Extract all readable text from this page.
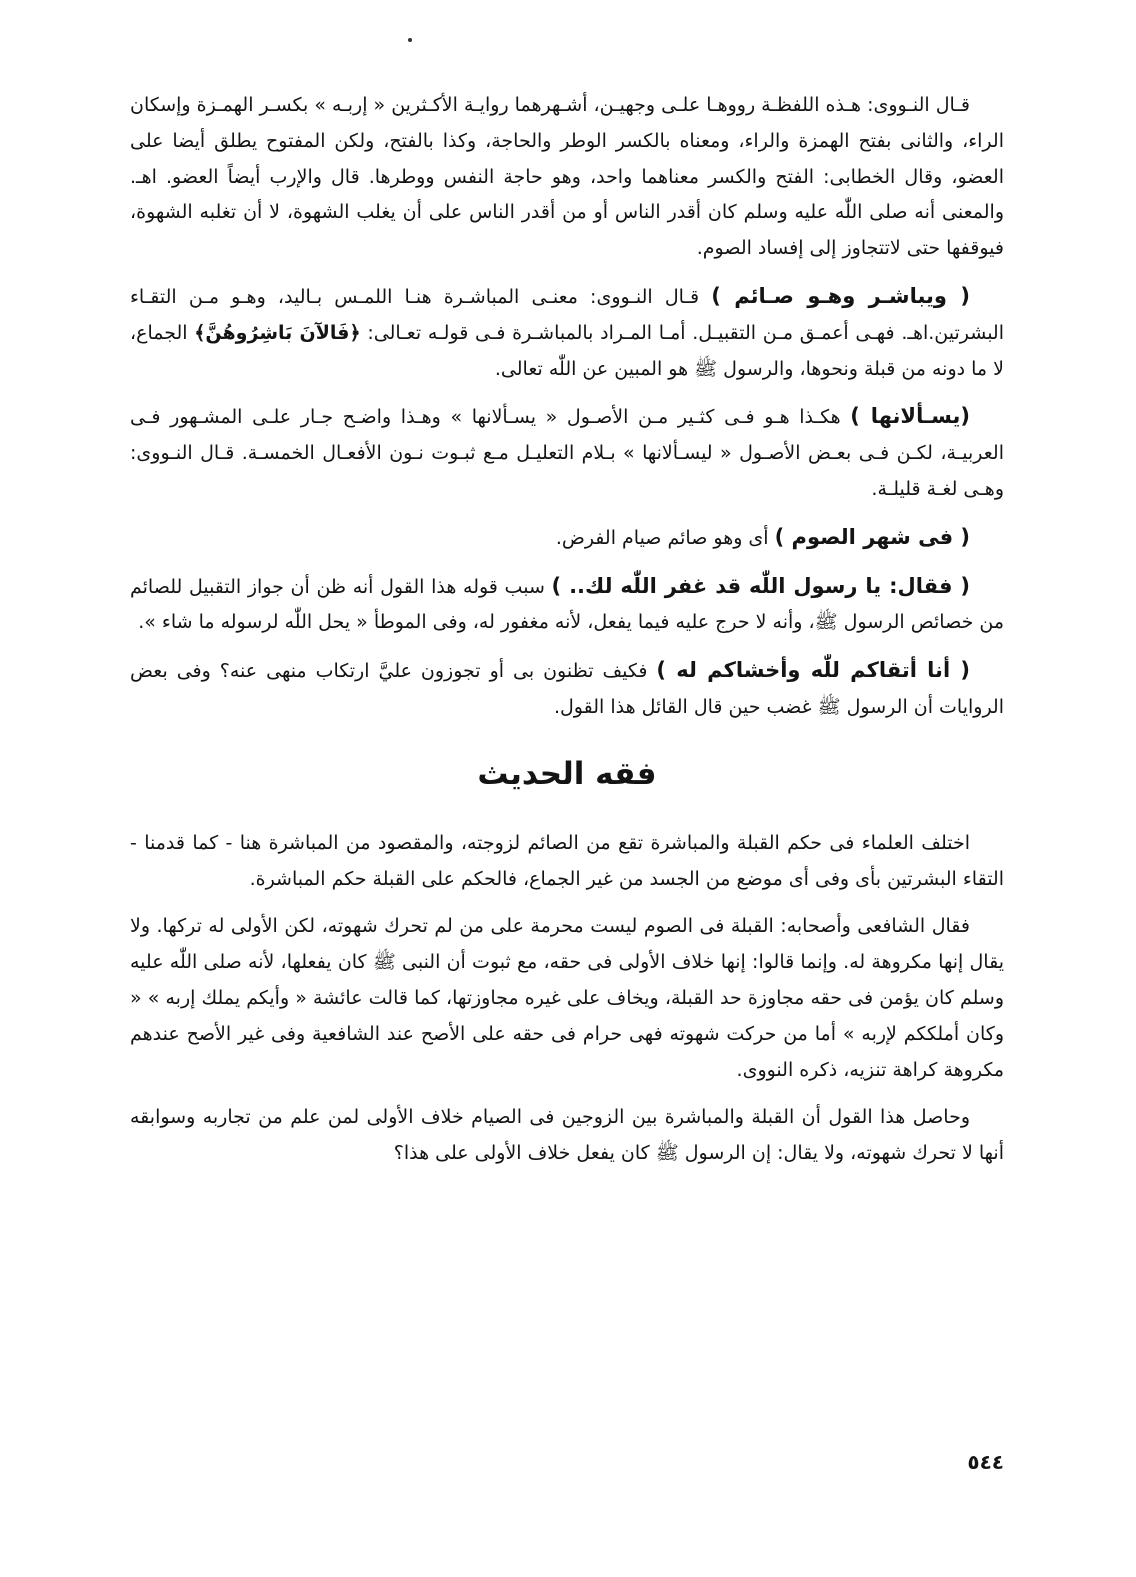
قـال النـووى: هـذه اللفظـة رووهـا علـى وجهيـن، أشـهرهما روايـة الأكـثرين « إربـه » بكسـر الهمـزة وإسكان الراء، والثانى بفتح الهمزة والراء، ومعناه بالكسر الوطر والحاجة، وكذا بالفتح، ولكن المفتوح يطلق أيضا على العضو، وقال الخطابى: الفتح والكسر معناهما واحد، وهو حاجة النفس ووطرها. قال والإرب أيضاً العضو. اهـ. والمعنى أنه صلى اللّٰه عليه وسلم كان أقدر الناس أو من أقدر الناس على أن يغلب الشهوة، لا أن تغلبه الشهوة، فيوقفها حتى لاتتجاوز إلى إفساد الصوم.

( ويباشـر وهـو صـائم ) قـال النـووى: معنـى المباشـرة هنـا اللمـس بـاليد، وهـو مـن التقـاء البشرتين.اهـ. فهـى أعمـق مـن التقبيـل. أمـا المـراد بالمباشـرة فـى قولـه تعـالى: ﴿فَالآنَ بَاشِرُوهُنَّ﴾ الجماع، لا ما دونه من قبلة ونحوها، والرسول ﷺ هو المبين عن اللّٰه تعالى.

(يسـألانها ) هكـذا هـو فـى كثـير مـن الأصـول « يسـألانها » وهـذا واضـح جـار علـى المشـهور فـى العربيـة، لكـن فـى بعـض الأصـول « ليسـألانها » بـلام التعليـل مـع ثبـوت نـون الأفعـال الخمسـة. قـال النـووى: وهـى لغـة قليلـة.

( فى شهر الصوم ) أى وهو صائم صيام الفرض.

( فقال: يا رسول اللّٰه قد غفر اللّٰه لك.. ) سبب قوله هذا القول أنه ظن أن جواز التقبيل للصائم من خصائص الرسول ﷺ، وأنه لا حرج عليه فيما يفعل، لأنه مغفور له، وفى الموطأ « يحل اللّٰه لرسوله ما شاء ».

( أنا أتقاكم للّٰه وأخشاكم له ) فكيف تظنون بى أو تجوزون عليَّ ارتكاب منهى عنه؟ وفى بعض الروايات أن الرسول ﷺ غضب حين قال القائل هذا القول.

فقه الحديث

اختلف العلماء فى حكم القبلة والمباشرة تقع من الصائم لزوجته، والمقصود من المباشرة هنا - كما قدمنا - التقاء البشرتين بأى وفى أى موضع من الجسد من غير الجماع، فالحكم على القبلة حكم المباشرة.

فقال الشافعى وأصحابه: القبلة فى الصوم ليست محرمة على من لم تحرك شهوته، لكن الأولى له تركها. ولا يقال إنها مكروهة له. وإنما قالوا: إنها خلاف الأولى فى حقه، مع ثبوت أن النبى ﷺ كان يفعلها، لأنه صلى اللّٰه عليه وسلم كان يؤمن فى حقه مجاوزة حد القبلة، ويخاف على غيره مجاوزتها، كما قالت عائشة « وأيكم يملك إربه » « وكان أملككم لإربه » أما من حركت شهوته فهى حرام فى حقه على الأصح عند الشافعية وفى غير الأصح عندهم مكروهة كراهة تنزيه، ذكره النووى.

وحاصل هذا القول أن القبلة والمباشرة بين الزوجين فى الصيام خلاف الأولى لمن علم من تجاربه وسوابقه أنها لا تحرك شهوته، ولا يقال: إن الرسول ﷺ كان يفعل خلاف الأولى على هذا؟

٥٤٤
